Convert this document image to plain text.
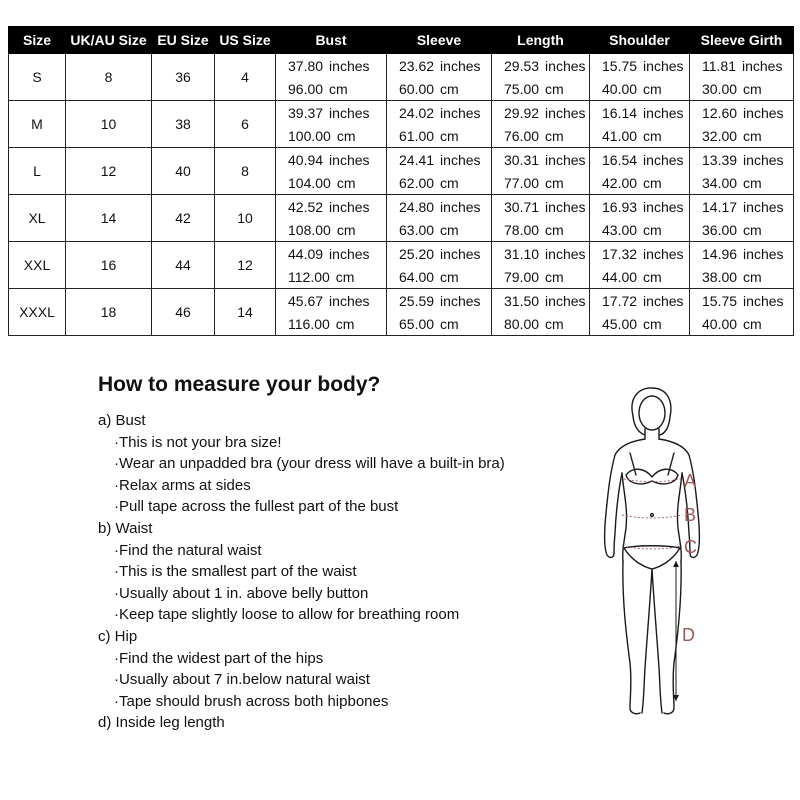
Size	UK/AU Size	EU Size	US Size	Bust	Sleeve	Length	Shoulder	Sleeve Girth
S	8	36	4	37.80 inches	23.62 inches	29.53 inches	15.75 inches	11.81 inches
				96.00 cm	60.00 cm	75.00 cm	40.00 cm	30.00 cm
M	10	38	6	39.37 inches	24.02 inches	29.92 inches	16.14 inches	12.60 inches
				100.00 cm	61.00 cm	76.00 cm	41.00 cm	32.00 cm
L	12	40	8	40.94 inches	24.41 inches	30.31 inches	16.54 inches	13.39 inches
				104.00 cm	62.00 cm	77.00 cm	42.00 cm	34.00 cm
XL	14	42	10	42.52 inches	24.80 inches	30.71 inches	16.93 inches	14.17 inches
				108.00 cm	63.00 cm	78.00 cm	43.00 cm	36.00 cm
XXL	16	44	12	44.09 inches	25.20 inches	31.10 inches	17.32 inches	14.96 inches
				112.00 cm	64.00 cm	79.00 cm	44.00 cm	38.00 cm
XXXL	18	46	14	45.67 inches	25.59 inches	31.50 inches	17.72 inches	15.75 inches
				116.00 cm	65.00 cm	80.00 cm	45.00 cm	40.00 cm
How to measure your body?
a) Bust
·This is not your bra size!
·Wear an unpadded bra (your dress will have a built-in bra)
·Relax arms at sides
·Pull tape across the fullest part of the bust
b) Waist
·Find the natural waist
·This is the smallest part of the waist
·Usually about 1 in. above belly button
·Keep tape slightly loose to allow for breathing room
c) Hip
·Find the widest part of the hips
·Usually about 7 in.below natural waist
·Tape should brush across both hipbones
d) Inside leg length
A
B
C
D
